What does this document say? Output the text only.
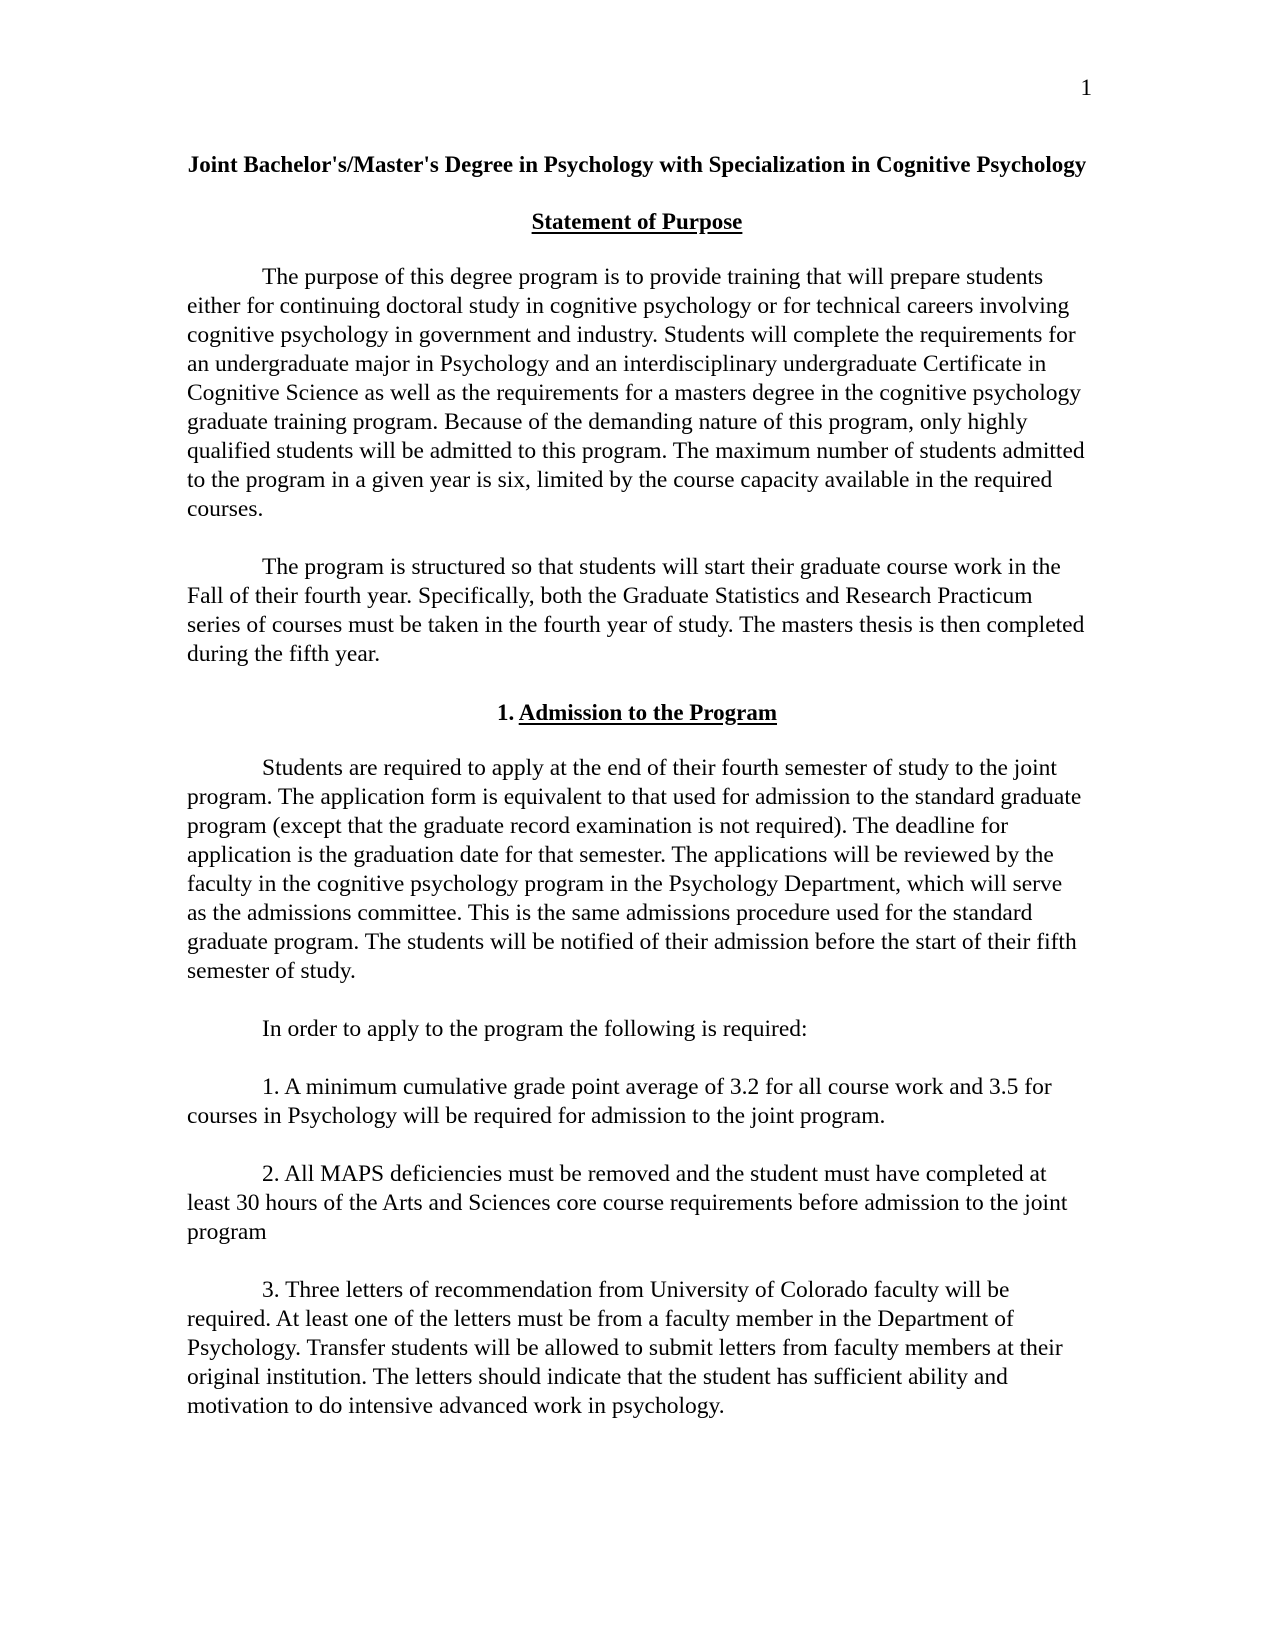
1
Joint Bachelor's/Master's Degree in Psychology with Specialization in Cognitive Psychology
Statement of Purpose

The purpose of this degree program is to provide training that will prepare students either for continuing doctoral study in cognitive psychology or for technical careers involving cognitive psychology in government and industry. Students will complete the requirements for an undergraduate major in Psychology and an interdisciplinary undergraduate Certificate in Cognitive Science as well as the requirements for a masters degree in the cognitive psychology graduate training program. Because of the demanding nature of this program, only highly qualified students will be admitted to this program. The maximum number of students admitted to the program in a given year is six, limited by the course capacity available in the required courses.

The program is structured so that students will start their graduate course work in the Fall of their fourth year. Specifically, both the Graduate Statistics and Research Practicum series of courses must be taken in the fourth year of study. The masters thesis is then completed during the fifth year.

1. Admission to the Program

Students are required to apply at the end of their fourth semester of study to the joint program. The application form is equivalent to that used for admission to the standard graduate program (except that the graduate record examination is not required). The deadline for application is the graduation date for that semester. The applications will be reviewed by the faculty in the cognitive psychology program in the Psychology Department, which will serve as the admissions committee. This is the same admissions procedure used for the standard graduate program. The students will be notified of their admission before the start of their fifth semester of study.

In order to apply to the program the following is required:

1. A minimum cumulative grade point average of 3.2 for all course work and 3.5 for courses in Psychology will be required for admission to the joint program.

2. All MAPS deficiencies must be removed and the student must have completed at least 30 hours of the Arts and Sciences core course requirements before admission to the joint program

3. Three letters of recommendation from University of Colorado faculty will be required. At least one of the letters must be from a faculty member in the Department of Psychology. Transfer students will be allowed to submit letters from faculty members at their original institution. The letters should indicate that the student has sufficient ability and motivation to do intensive advanced work in psychology.
